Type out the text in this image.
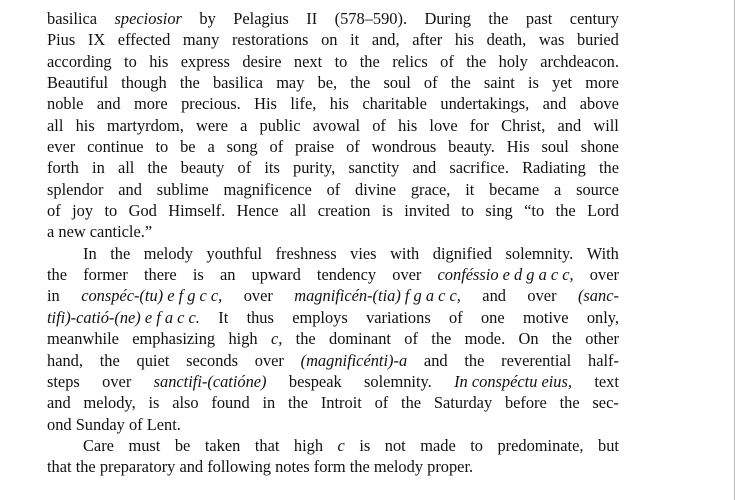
basilica speciosior by Pelagius II (578–590). During the past century
Pius IX effected many restorations on it and, after his death, was buried
according to his express desire next to the relics of the holy archdeacon.
Beautiful though the basilica may be, the soul of the saint is yet more
noble and more precious. His life, his charitable undertakings, and above
all his martyrdom, were a public avowal of his love for Christ, and will
ever continue to be a song of praise of wondrous beauty. His soul shone
forth in all the beauty of its purity, sanctity and sacrifice. Radiating the
splendor and sublime magnificence of divine grace, it became a source
of joy to God Himself. Hence all creation is invited to sing “to the Lord
a new canticle.”
In the melody youthful freshness vies with dignified solemnity. With
the former there is an upward tendency over conféssio e d g a c c, over
in conspéc-(tu) e f g c c, over magnificén-(tia) f g a c c, and over (sanc-
tifi)-catió-(ne) e f a c c. It thus employs variations of one motive only,
meanwhile emphasizing high c, the dominant of the mode. On the other
hand, the quiet seconds over (magnificénti)-a and the reverential half-
steps over sanctifi-(catióne) bespeak solemnity. In conspéctu eius, text
and melody, is also found in the Introit of the Saturday before the sec-
ond Sunday of Lent.
Care must be taken that high c is not made to predominate, but
that the preparatory and following notes form the melody proper.
